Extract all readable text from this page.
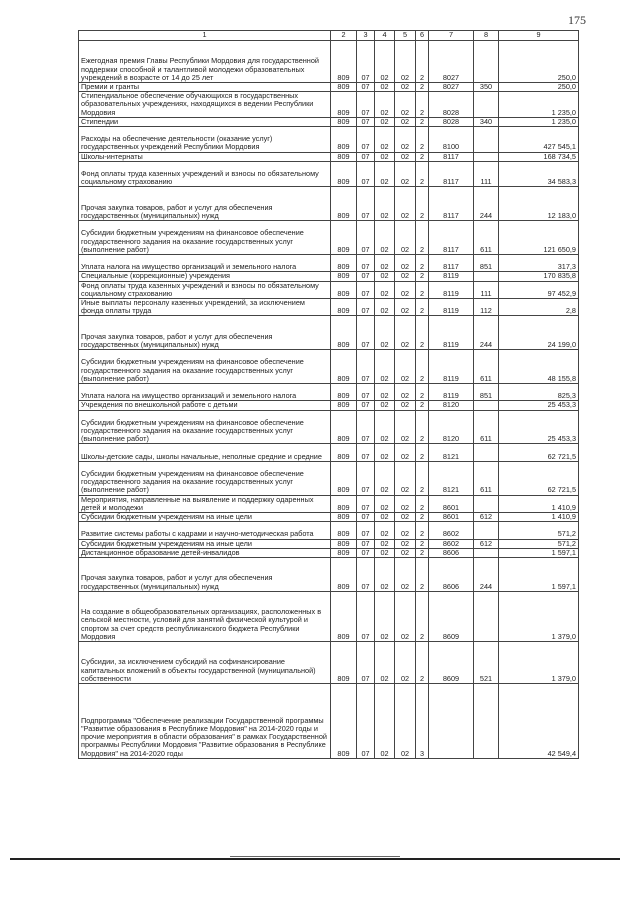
175
1	2	3	4	5	6	7	8	9
Ежегодная премия Главы Республики Мордовия для государственной поддержки способной и талантливой молодежи образовательных учреждений в возрасте от 14 до 25 лет	809	07	02	02	2	8027		250,0
Премии и гранты	809	07	02	02	2	8027	350	250,0
Стипендиальное обеспечение обучающихся в государственных образовательных учреждениях, находящихся в ведении Республики Мордовия	809	07	02	02	2	8028		1 235,0
Стипендии	809	07	02	02	2	8028	340	1 235,0
Расходы на обеспечение деятельности (оказание услуг) государственных учреждений Республики Мордовия	809	07	02	02	2	8100		427 545,1
Школы-интернаты	809	07	02	02	2	8117		168 734,5
Фонд оплаты труда казенных учреждений и взносы по обязательному социальному страхованию	809	07	02	02	2	8117	111	34 583,3
Прочая закупка товаров, работ и услуг для обеспечения государственных (муниципальных) нужд	809	07	02	02	2	8117	244	12 183,0
Субсидии бюджетным учреждениям на финансовое обеспечение государственного задания на оказание государственных услуг (выполнение работ)	809	07	02	02	2	8117	611	121 650,9
Уплата налога на имущество организаций и земельного налога	809	07	02	02	2	8117	851	317,3
Специальные (коррекционные) учреждения	809	07	02	02	2	8119		170 835,8
Фонд оплаты труда казенных учреждений и взносы по обязательному социальному страхованию	809	07	02	02	2	8119	111	97 452,9
Иные выплаты персоналу казенных учреждений, за исключением фонда оплаты труда	809	07	02	02	2	8119	112	2,8
Прочая закупка товаров, работ и услуг для обеспечения государственных (муниципальных) нужд	809	07	02	02	2	8119	244	24 199,0
Субсидии бюджетным учреждениям на финансовое обеспечение государственного задания на оказание государственных услуг (выполнение работ)	809	07	02	02	2	8119	611	48 155,8
Уплата налога на имущество организаций и земельного налога	809	07	02	02	2	8119	851	825,3
Учреждения по внешкольной работе с детьми	809	07	02	02	2	8120		25 453,3
Субсидии бюджетным учреждениям на финансовое обеспечение государственного задания на оказание государственных услуг (выполнение работ)	809	07	02	02	2	8120	611	25 453,3
Школы-детские сады, школы начальные, неполные средние и средние	809	07	02	02	2	8121		62 721,5
Субсидии бюджетным учреждениям на финансовое обеспечение государственного задания на оказание государственных услуг (выполнение работ)	809	07	02	02	2	8121	611	62 721,5
Мероприятия, направленные на выявление и поддержку одаренных детей и молодежи	809	07	02	02	2	8601		1 410,9
Субсидии бюджетным учреждениям на иные цели	809	07	02	02	2	8601	612	1 410,9
Развитие системы работы с кадрами и научно-методическая работа	809	07	02	02	2	8602		571,2
Субсидии бюджетным учреждениям на иные цели	809	07	02	02	2	8602	612	571,2
Дистанционное образование детей-инвалидов	809	07	02	02	2	8606		1 597,1
Прочая закупка товаров, работ и услуг для обеспечения государственных (муниципальных) нужд	809	07	02	02	2	8606	244	1 597,1
На создание в общеобразовательных организациях, расположенных в сельской местности, условий для занятий физической культурой и спортом за счет средств республиканского бюджета Республики Мордовия	809	07	02	02	2	8609		1 379,0
Субсидии, за исключением субсидий на софинансирование капитальных вложений в объекты государственной (муниципальной) собственности	809	07	02	02	2	8609	521	1 379,0
Подпрограмма "Обеспечение реализации Государственной программы "Развитие образования в Республике Мордовия" на 2014-2020 годы и прочие мероприятия в области образования" в рамках Государственной программы Республики Мордовия "Развитие образования в Республике Мордовия" на 2014-2020 годы	809	07	02	02	3			42 549,4
